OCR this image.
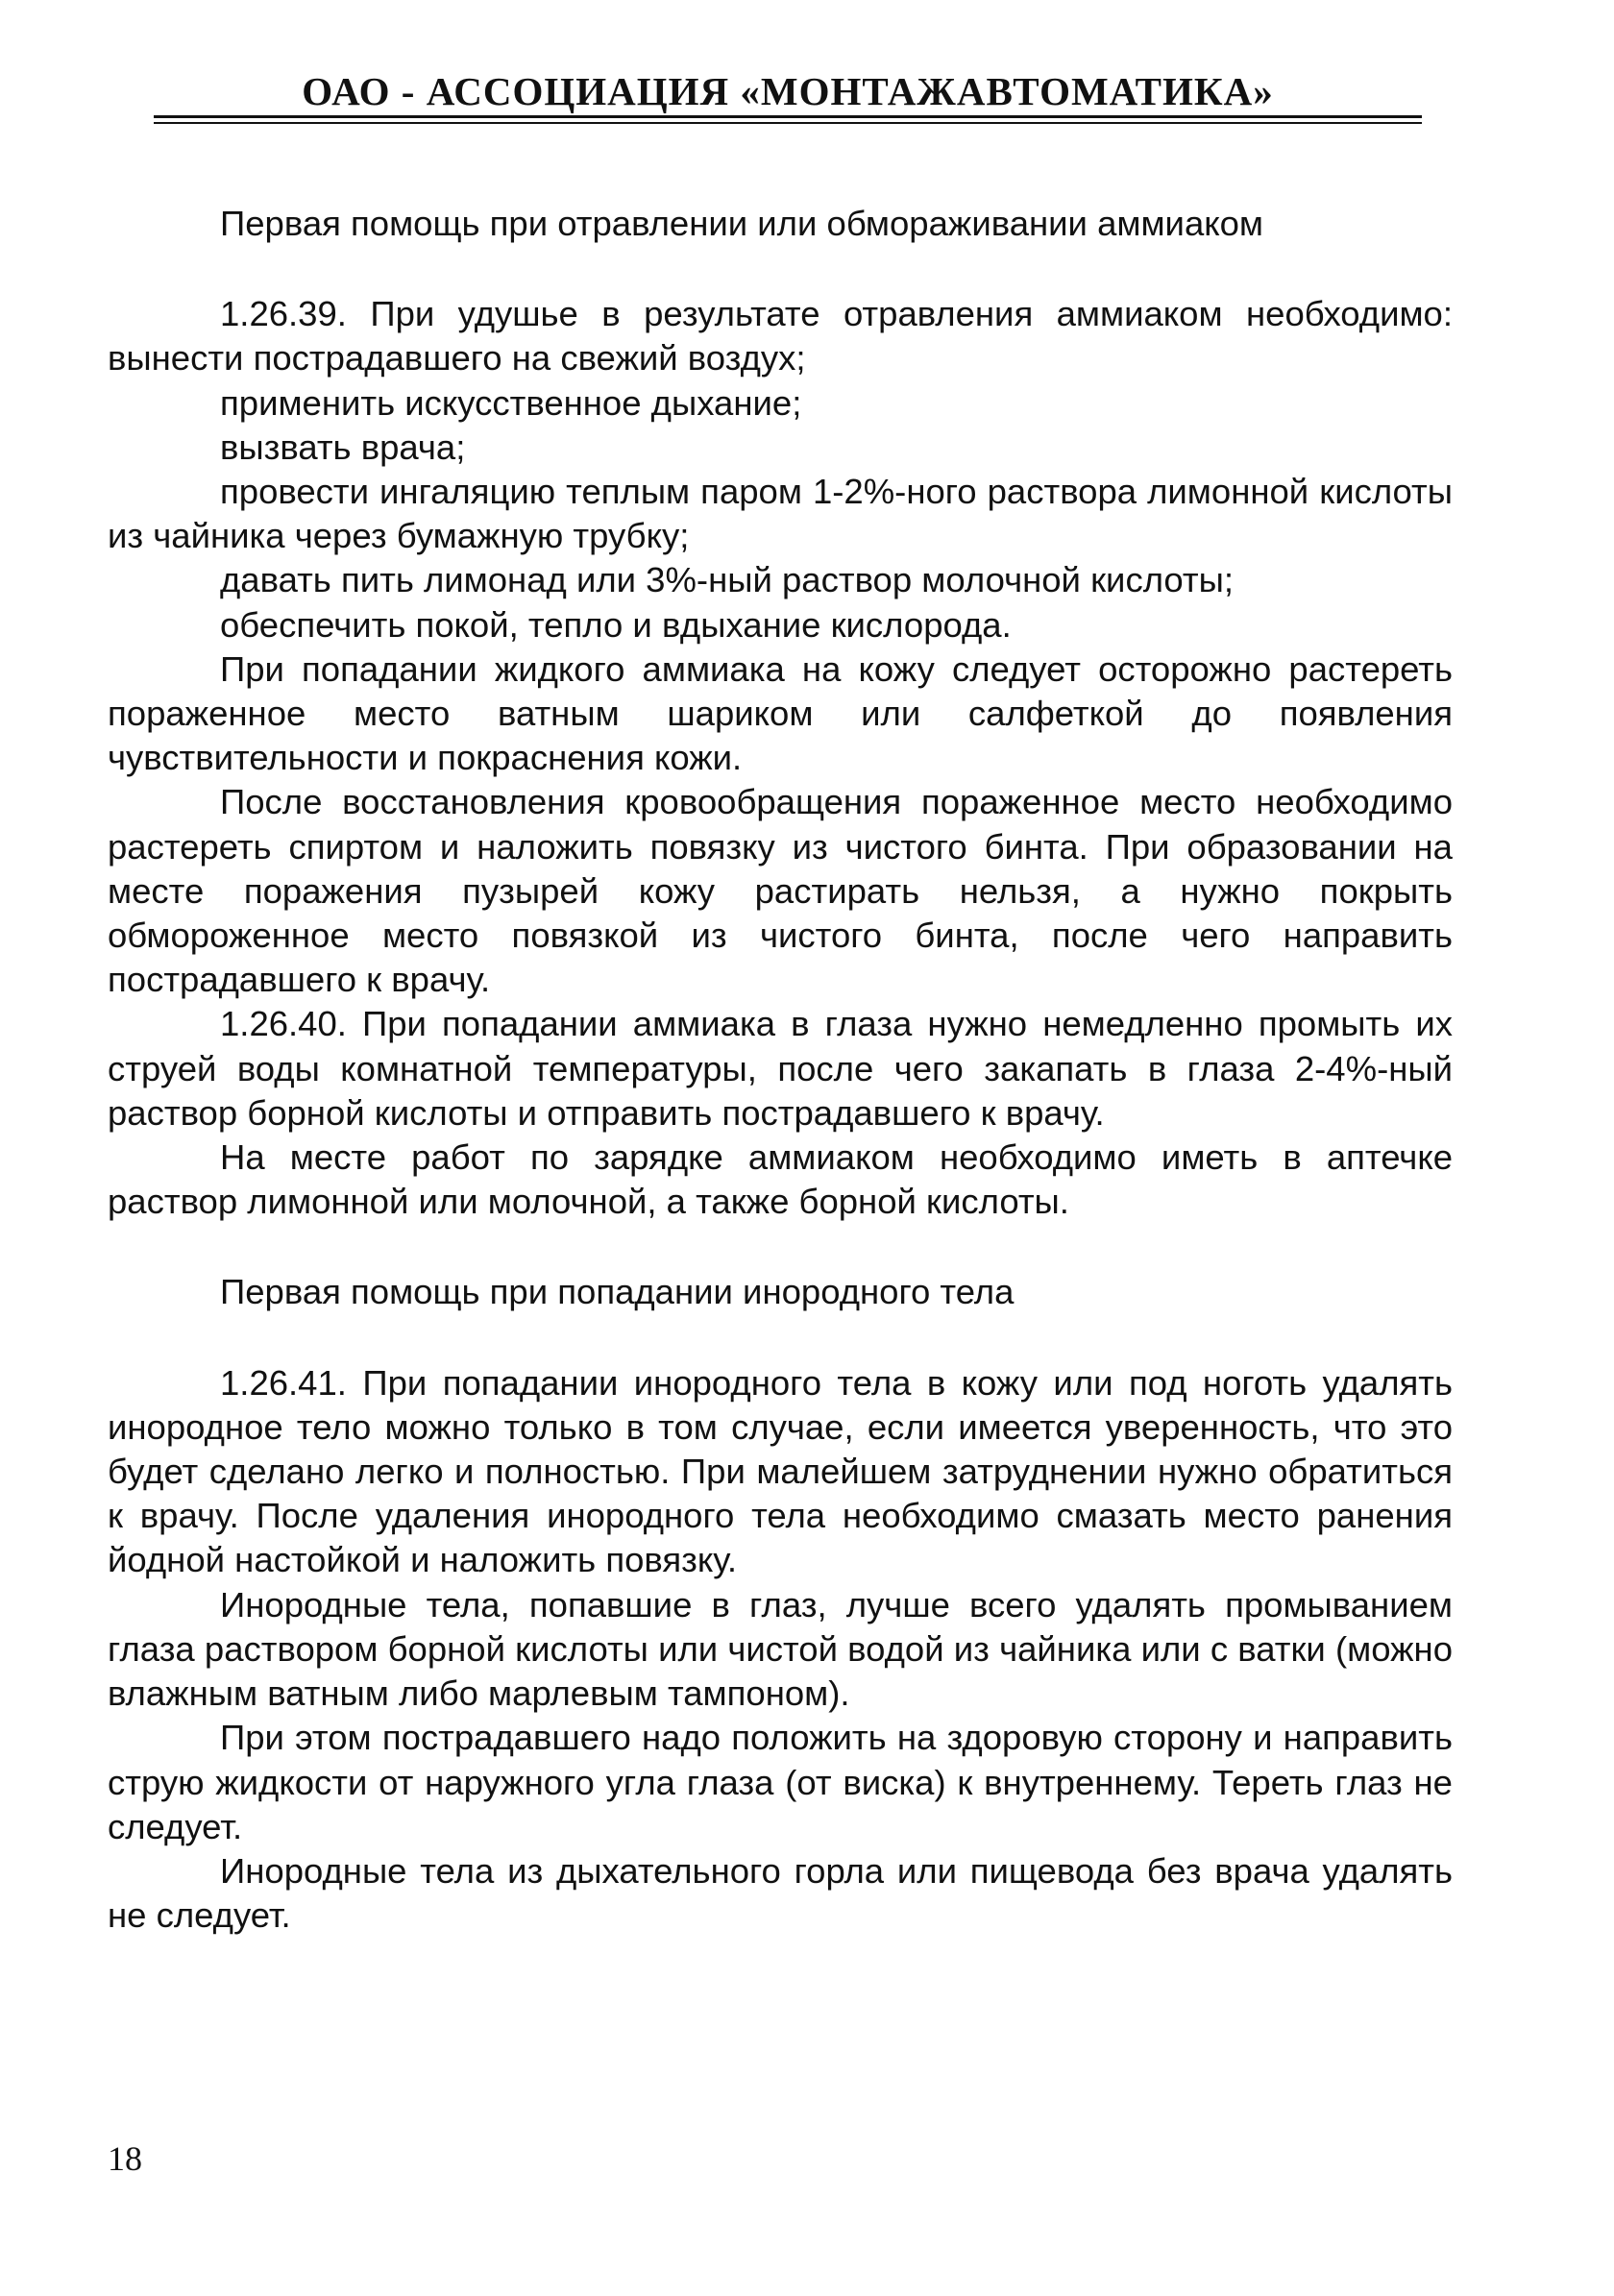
ОАО - АССОЦИАЦИЯ «МОНТАЖАВТОМАТИКА»

Первая помощь при отравлении или обмораживании аммиаком

1.26.39. При удушье в результате отравления аммиаком необходимо: вынести пострадавшего на свежий воздух;

применить искусственное дыхание;

вызвать врача;

провести ингаляцию теплым паром 1-2%-ного раствора лимонной кислоты из чайника через бумажную трубку;

давать пить лимонад или 3%-ный раствор молочной кислоты;

обеспечить покой, тепло и вдыхание кислорода.

При попадании жидкого аммиака на кожу следует осторожно растереть пораженное место ватным шариком или салфеткой до появления чувствительности и покраснения кожи.

После восстановления кровообращения пораженное место необходимо растереть спиртом и наложить повязку из чистого бинта. При образовании на месте поражения пузырей кожу растирать нельзя, а нужно покрыть обмороженное место повязкой из чистого бинта, после чего направить пострадавшего к врачу.

1.26.40. При попадании аммиака в глаза нужно немедленно промыть их струей воды комнатной температуры, после чего закапать в глаза 2-4%-ный раствор борной кислоты и отправить пострадавшего к врачу.

На месте работ по зарядке аммиаком необходимо иметь в аптечке раствор лимонной или молочной, а также борной кислоты.

Первая помощь при попадании инородного тела

1.26.41. При попадании инородного тела в кожу или под ноготь удалять инородное тело можно только в том случае, если имеется уверенность, что это будет сделано легко и полностью. При малейшем затруднении нужно обратиться к врачу. После удаления инородного тела необходимо смазать место ранения йодной настойкой и наложить повязку.

Инородные тела, попавшие в глаз, лучше всего удалять промыванием глаза раствором борной кислоты или чистой водой из чайника или с ватки (можно влажным ватным либо марлевым тампоном).

При этом пострадавшего надо положить на здоровую сторону и направить струю жидкости от наружного угла глаза (от виска) к внутреннему. Тереть глаз не следует.

Инородные тела из дыхательного горла или пищевода без врача удалять не следует.

18
